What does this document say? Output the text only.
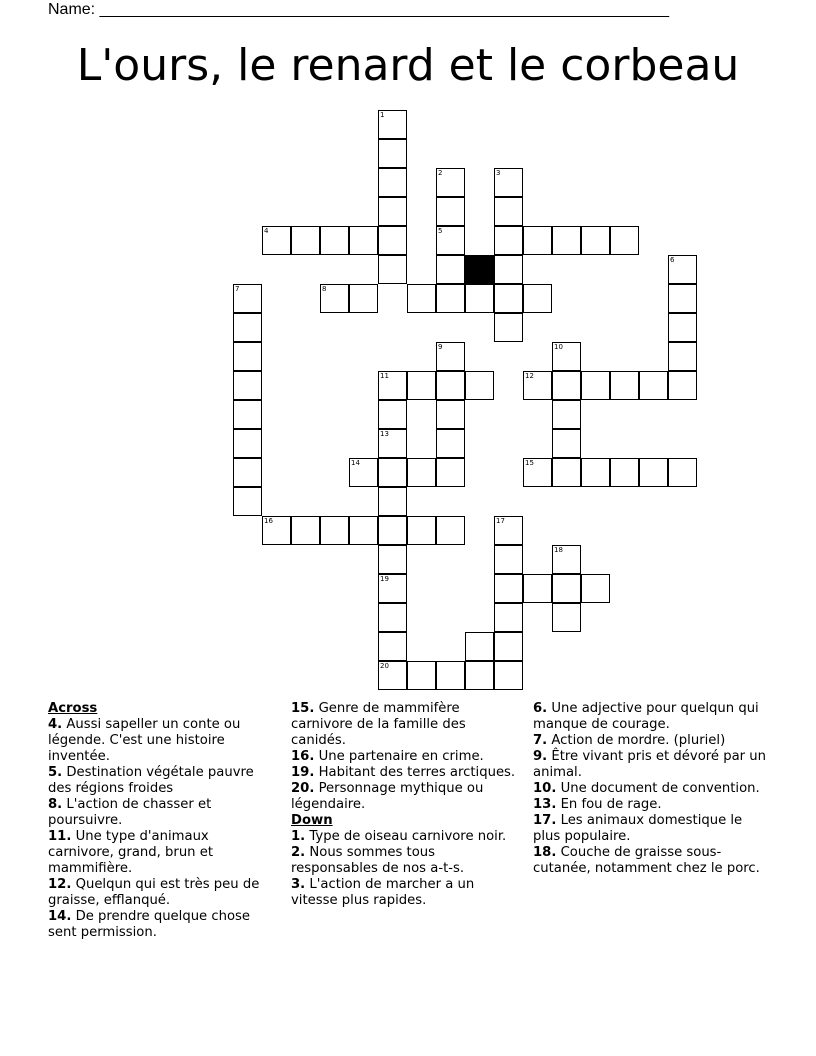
Name: ________________________________________________________________
L'ours, le renard et le corbeau
1
2
5
3
4
8
6
7
9	10
11	12
13
19
20
14	15
16	17
18
Across
4. Aussi sapeller un conte ou légende. C'est une histoire inventée.
5. Destination végétale pauvre des régions froides
8. L'action de chasser et poursuivre.
11. Une type d'animaux carnivore, grand, brun et mammifière.
12. Quelqun qui est très peu de graisse, efflanqué.
14. De prendre quelque chose sent permission.
15. Genre de mammifère carnivore de la famille des canidés.
16. Une partenaire en crime.
19. Habitant des terres arctiques.
20. Personnage mythique ou légendaire.
Down
1. Type de oiseau carnivore noir.
2. Nous sommes tous responsables de nos a-t-s.
3. L'action de marcher a un vitesse plus rapides.
6. Une adjective pour quelqun qui manque de courage.
7. Action de mordre. (pluriel)
9. Être vivant pris et dévoré par un animal.
10. Une document de convention.
13. En fou de rage.
17. Les animaux domestique le plus populaire.
18. Couche de graisse sous-cutanée, notamment chez le porc.
